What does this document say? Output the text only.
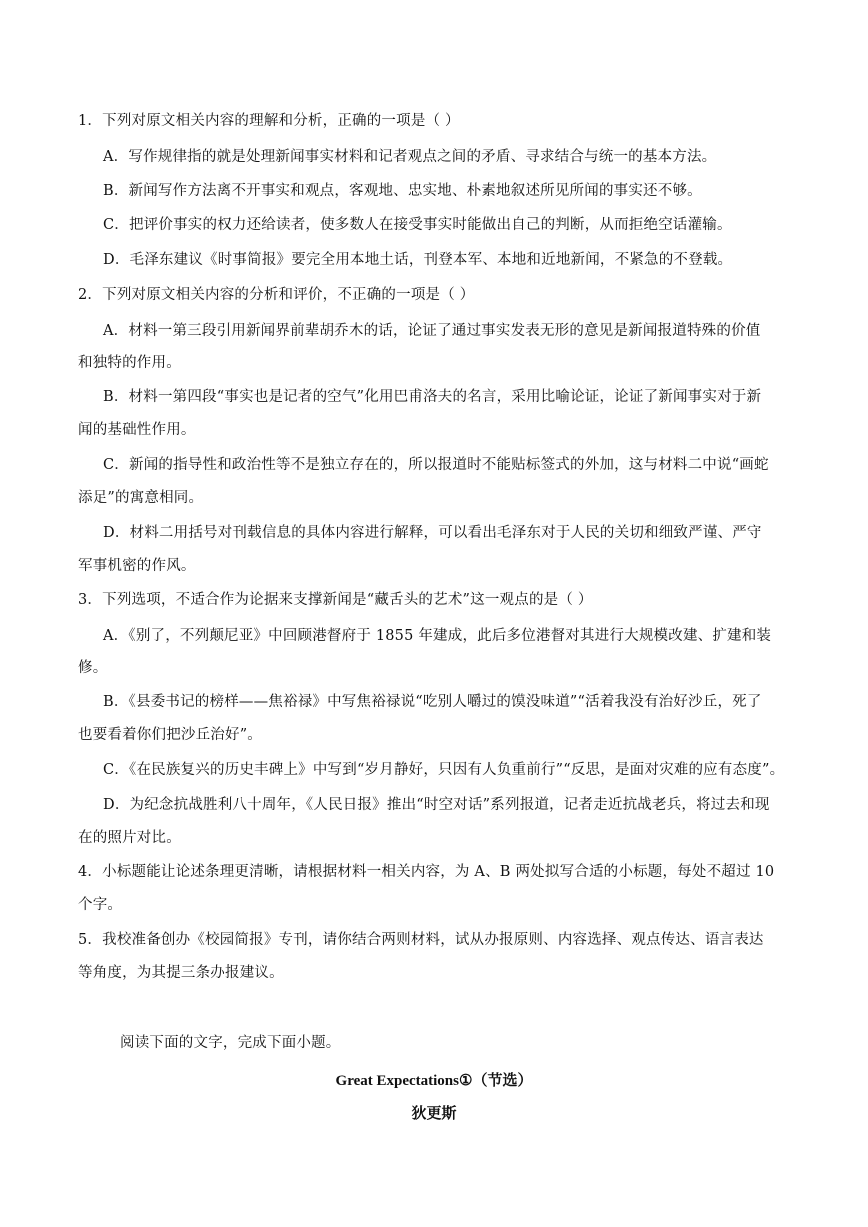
1．下列对原文相关内容的理解和分析，正确的一项是（ ）
A．写作规律指的就是处理新闻事实材料和记者观点之间的矛盾、寻求结合与统一的基本方法。
B．新闻写作方法离不开事实和观点，客观地、忠实地、朴素地叙述所见所闻的事实还不够。
C．把评价事实的权力还给读者，使多数人在接受事实时能做出自己的判断，从而拒绝空话灌输。
D．毛泽东建议《时事简报》要完全用本地土话，刊登本军、本地和近地新闻，不紧急的不登载。
2．下列对原文相关内容的分析和评价，不正确的一项是（ ）
A．材料一第三段引用新闻界前辈胡乔木的话，论证了通过事实发表无形的意见是新闻报道特殊的价值
和独特的作用。
B．材料一第四段“事实也是记者的空气”化用巴甫洛夫的名言，采用比喻论证，论证了新闻事实对于新
闻的基础性作用。
C．新闻的指导性和政治性等不是独立存在的，所以报道时不能贴标签式的外加，这与材料二中说“画蛇
添足”的寓意相同。
D．材料二用括号对刊载信息的具体内容进行解释，可以看出毛泽东对于人民的关切和细致严谨、严守
军事机密的作风。
3．下列选项，不适合作为论据来支撑新闻是“藏舌头的艺术”这一观点的是（ ）
A．《别了，不列颠尼亚》中回顾港督府于 1855 年建成，此后多位港督对其进行大规模改建、扩建和装
修。
B．《县委书记的榜样——焦裕禄》中写焦裕禄说“吃别人嚼过的馍没味道”“活着我没有治好沙丘，死了
也要看着你们把沙丘治好”。
C．《在民族复兴的历史丰碑上》中写到“岁月静好，只因有人负重前行”“反思，是面对灾难的应有态度”。
D．为纪念抗战胜利八十周年，《人民日报》推出“时空对话”系列报道，记者走近抗战老兵，将过去和现
在的照片对比。
4．小标题能让论述条理更清晰，请根据材料一相关内容，为 A、B 两处拟写合适的小标题，每处不超过 10
个字。
5．我校准备创办《校园简报》专刊，请你结合两则材料，试从办报原则、内容选择、观点传达、语言表达
等角度，为其提三条办报建议。
阅读下面的文字，完成下面小题。
Great Expectations①（节选）
狄更斯
